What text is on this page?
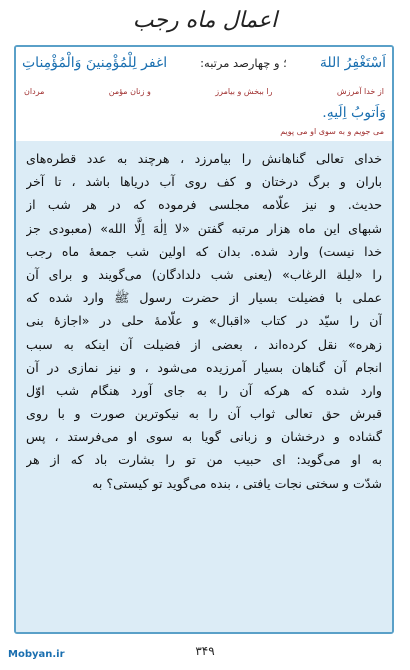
اعمال ماه رجب
اَسْتَغْفِرُ اللهَ
؛ و چهارصد مرتبه:
اغفر لِلْمُؤْمِنينَ وَالْمُؤْمِناتِ
از خدا آمرزش
را ببخش و بیامرز
و زنان مؤمن
مردان
وَاَتوبُ اِلَيهِ.
می جویم و به سوی او می پویم
خدای تعالی گناهانش را بیامرزد ، هرچند به عدد قطره‌های
باران و برگ درختان و کف روی آب دریاها باشد ، تا آخر
حدیث. و نیز علّامه مجلسی فرموده که در هر شب از
شبهای این ماه هزار مرتبه گفتن «لا اِلٰهَ اِلَّا الله» (معبودی جز
خدا نیست) وارد شده. بدان که اولین شب جمعهٔ ماه رجب
را «لیلة الرغاب» (یعنی شب دلدادگان) می‌گویند و برای آن
عملی با فضیلت بسیار از حضرت رسول ﷺ وارد شده که
آن را سیّد در کتاب «اقبال» و علّامهٔ حلی در «اجازهٔ بنی
زهره» نقل کرده‌اند ، بعضی از فضیلت آن اینکه به سبب
انجام آن گناهان بسیار آمرزیده می‌شود ، و نیز نمازی در آن
وارد شده که هرکه آن را به جای آورد هنگام شب اوّل
قبرش حق تعالی ثواب آن را به نیکوترین صورت و با روی
گشاده و درخشان و زبانی گویا به سوی او می‌فرستد ، پس
به او می‌گوید: ای حبیب من تو را بشارت باد که از هر
شدّت و سختی نجات یافتی ، بنده می‌گوید تو کیستی؟ به
Mobyan.ir	۳۴۹
